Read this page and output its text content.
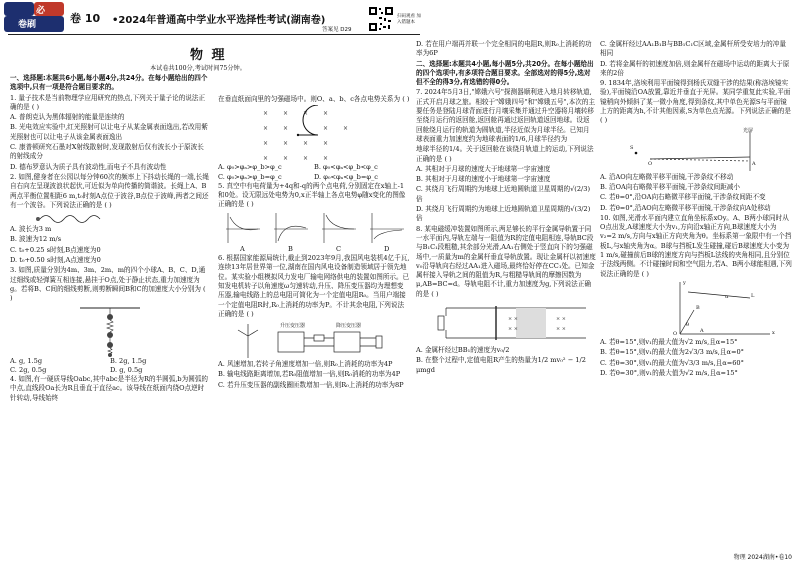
必
卷刷	卷 10 •2024年普通高中学业水平选择性考试(湖南卷)	扫码观看 加入错题本
答案见 D29
物 理
本试卷共100分,考试时间75分钟。

一、选择题:本题共6小题,每小题4分,共24分。在每小题给出的四个选项中,只有一项是符合题目要求的。

1. 量子技术是当前物理学应用研究的热点,下列关于量子论的说法正确的是 ( )

A. 普朗克认为黑体辐射的能量是连续的

B. 光电效应实验中,红光照射可以让电子从某金属表面逸出,若改用紫光照射也可以让电子从该金属表面逸出

C. 康普顿研究石墨对X射线散射时,发现散射后仅有波长小于原波长的射线成分

D. 德布罗意认为质子具有波动性,而电子不具有波动性

2. 如图,健身者在公园以每分钟60次的频率上下抖动长绳的一端,长绳自右向左呈现波浪状起伏,可近似为单向传播的简谐波。长绳上A、B两点平衡位置相距6 m,t₀时刻A点位于波谷,B点位于波峰,两者之间还有一个波谷。下列说法正确的是 ( )

A. 波长为3 m

B. 波速为12 m/s

C. t₀+0.25 s时刻,B点速度为0

D. t₀+0.50 s时刻,A点速度为0

3. 如图,质量分别为4m、3m、2m、m的四个小球A、B、C、D,通过细线或轻弹簧互相连接,悬挂于O点,处于静止状态,重力加速度为g。若将B、C间的细线剪断,则剪断瞬间B和C的加速度大小分别为 ( )

A. g, 1.5g	B. 2g, 1.5g
C. 2g, 0.5g	D. g, 0.5g

4. 如图,有一硬质导线Oabc,其中abc是半径为R的半圆弧,b为圆弧的中点,直线段Oa长为R且垂直于直径ac。该导线在纸面内绕O点逆时针转动,导线始终

在垂直纸面向里的匀强磁场中。则O、a、b、c各点电势关系为 ( )

× × × ×
× ×	× ×
× × × ×
× × × ×
A. φ₀>φₐ>φ_b>φ_c	B. φ₀<φₐ<φ_b<φ_c
C. φ₀>φₐ>φ_b=φ_c	D. φ₀<φₐ<φ_b=φ_c

5. 真空中有电荷量为+4q和-q的两个点电荷,分别固定在x轴上-1和0处。设无限远处电势为0,x正半轴上各点电势φ随x变化的图像正确的是 ( )

A	B	C	D

6. 根据国家能源局统计,截止到2023年9月,我国风电装机4亿千瓦,连续13年居世界第一位,湖南在国内风电设备制造领域居于领先地位。某实验小组模拟风力发电厂输电网络供电的装置如图所示。已知发电机转子以角速度ω匀速转动,升压、降压变压器均为理想变压器,输电线路上的总电阻可简化为一个定值电阻R₀。当用户端接一个定值电阻R时,R₀上消耗的功率为P。不计其余电阻,下列说法正确的是 ( )

升压变压器	降压变压器

A. 风速增加,若转子角速度增加一倍,则R₀上消耗的功率为4P

B. 输电线路距离增加,若R₀阻值增加一倍,则R₀消耗的功率为4P

C. 若升压变压器的副线圈匝数增加一倍,则R₀上消耗的功率为8P

D. 若在用户端再并联一个完全相同的电阻R,则R₀上消耗的功率为6P

二、选择题:本题共4小题,每小题5分,共20分。在每小题给出的四个选项中,有多项符合题目要求。全部选对的得5分,选对但不全的得3分,有选错的得0分。

7. 2024年5月3日,"嫦娥六号"探测器顺利进入地月转移轨道,正式开启月球之旅。相较于"嫦娥四号"和"嫦娥五号",本次的主要任务是登陆月球背面进行月壤采集并通过升空器将月壤转移至绕月运行的返回舱,返回舱再通过返回轨道返回地球。设返回舱绕月运行的轨道为圆轨道,半径近似为月球半径。已知月球表面重力加速度约为地球表面的1/6,月球半径约为

地球半径的1/4。关于返回舱在该绕月轨道上的运动,下列说法正确的是 ( )

A. 其相对于月球的速度大于地球第一宇宙速度

B. 其相对于月球的速度小于地球第一宇宙速度

C. 其绕月飞行周期约为地球上近地圆轨道卫星周期的√(2/3)倍

D. 其绕月飞行周期约为地球上近地圆轨道卫星周期的√(3/2)倍

8. 某电磁缓冲装置如图所示,两足够长的平行金属导轨置于同一水平面内,导轨左端与一阻值为R的定值电阻相连,导轨BC段与B₁C₁段粗糙,其余部分光滑,AA₁右侧处于竖直向下的匀强磁场中,一质量为m的金属杆垂直导轨放置。现让金属杆以初速度v₀沿导轨向右经过AA₁进入磁场,最终恰好停在CC₁处。已知金属杆接入导轨之间的阻值为R,与粗糙导轨间的摩擦因数为μ,AB=BC=d。导轨电阻不计,重力加速度为g,下列说法正确的是 ( )

× ×
× ×
× ×
× ×

A. 金属杆经过BB₁的速度为v₀/2

B. 在整个过程中,定值电阻R产生的热量为1/2 mv₀² − 1/2 μmgd

C. 金属杆经过AA₁B₁B与BB₁C₁C区域,金属杆所受安培力的冲量相同

D. 若将金属杆的初速度加倍,则金属杆在磁场中运动的距离大于原来的2倍

9. 1834年,洛埃利用平面镜得到杨氏双缝干涉的结果(称洛埃镜实验),平面镜沿OA放置,靠近并垂直于光屏。某同学重复此实验,平面镜稍向外倾斜了某一微小角度,得到条纹,其中单色光源S与平面镜上方的距离为h,不计其他因素,S为单色点光源。下列说法正确的是 ( )

光屏
S
O	A

A. 沿AO向左略微平移平面镜,干涉条纹不移动

B. 沿OA向右略微平移平面镜,干涉条纹间距减小

C. 若θ=0°,沿OA向右略微平移平面镜,干涉条纹间距不变

D. 若θ=0°,沿AO向左略微平移平面镜,干涉条纹向A处移动

10. 如图,光滑水平面内建立直角坐标系xOy。A、B两小球同时从O点出发,A球速度大小为v₁,方向沿x轴正方向,B球速度大小为v₂=2 m/s,方向与x轴正方向夹角为θ。坐标系第一象限中有一个挡板L,与x轴夹角为α。B球与挡板L发生碰撞,碰后B球速度大小变为1 m/s,碰撞前后B球的速度方向与挡板L法线的夹角相同,且分别位于法线两侧。不计碰撞时间和空气阻力,若A、B两小球能相遇,下列说法正确的是 ( )

y
L
B
θ
α
A	x
O

A. 若θ=15°,则v₁的最大值为√2 m/s,且α=15°

B. 若θ=15°,则v₁的最大值为2√3/3 m/s,且α=0°

C. 若θ=30°,则v₁的最大值为√3/3 m/s,且α=60°

D. 若θ=30°,则v₁的最大值为√2 m/s,且α=15°

物理 2024湖南•卷10
